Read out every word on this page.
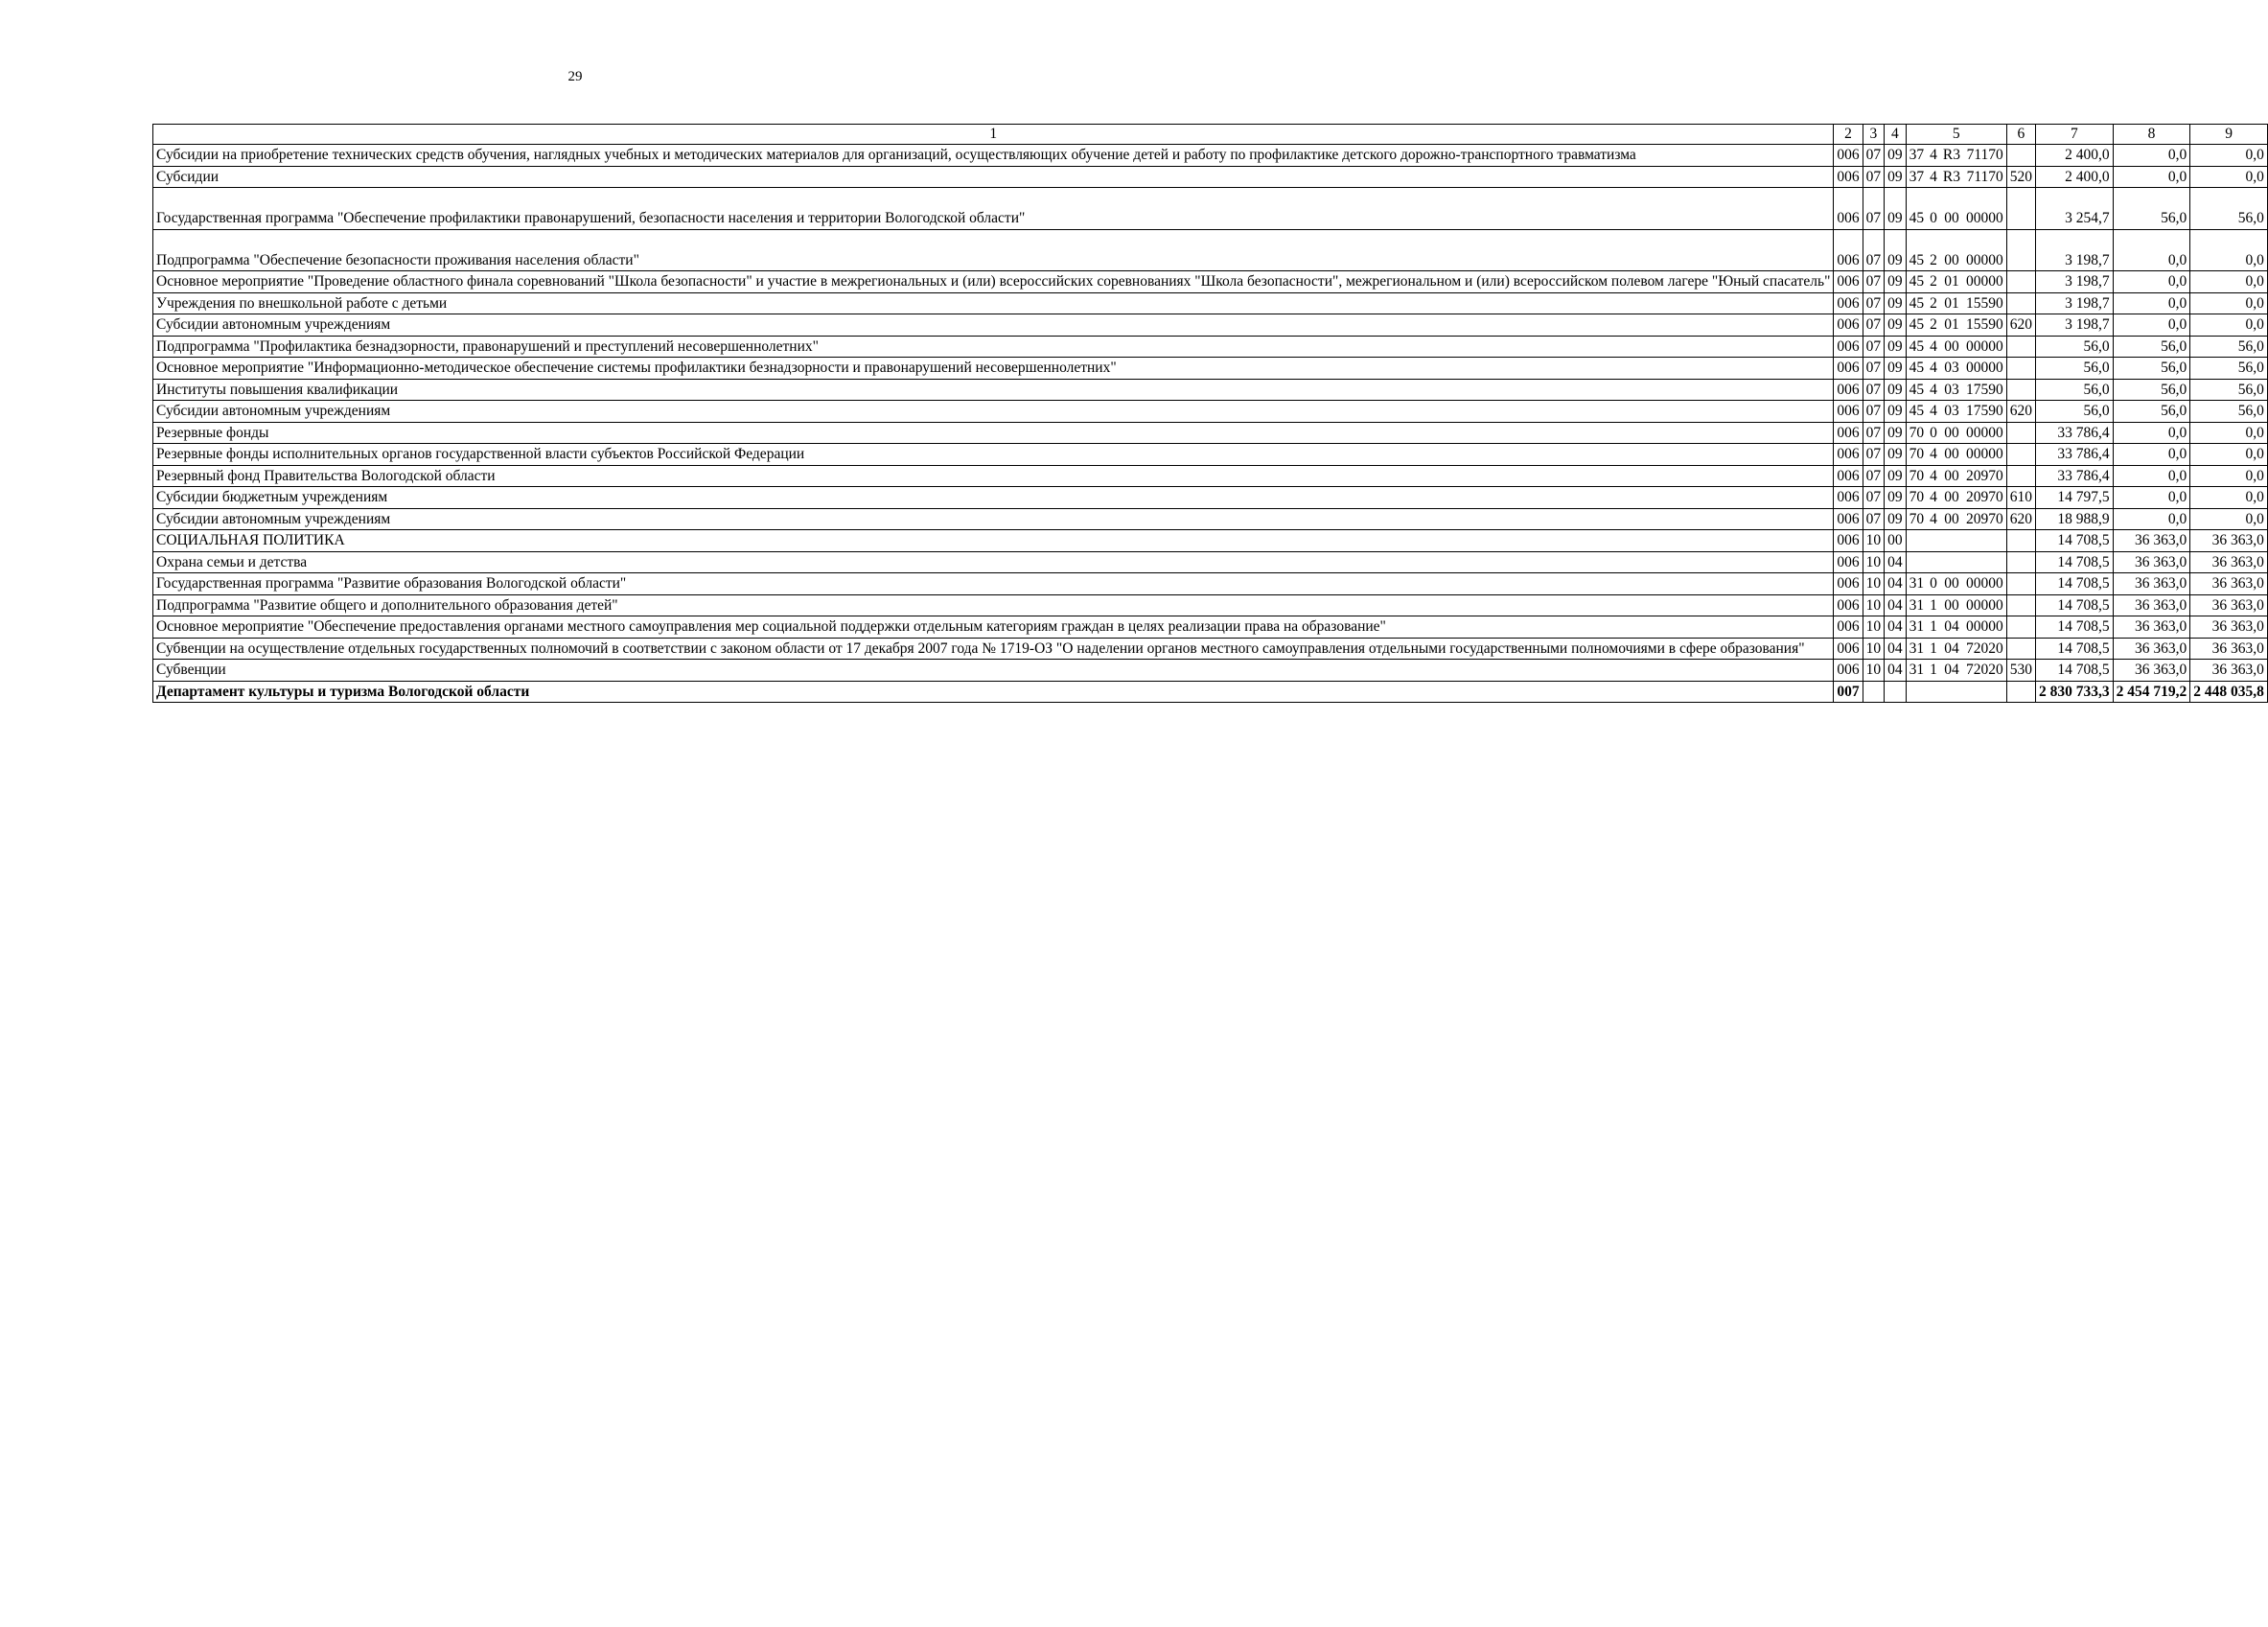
29
1	2	3	4	5				6	7	8	9
Субсидии на приобретение технических средств обучения, наглядных учебных и методических материалов для организаций, осуществляющих обучение детей и работу по профилактике детского дорожно-транспортного травматизма	006	07	09	37	4	R3	71170		2 400,0	0,0	0,0
Субсидии	006	07	09	37	4	R3	71170	520	2 400,0	0,0	0,0
Государственная программа "Обеспечение профилактики правонарушений, безопасности населения и территории Вологодской области"	006	07	09	45	0	00	00000		3 254,7	56,0	56,0
Подпрограмма "Обеспечение безопасности проживания населения области"	006	07	09	45	2	00	00000		3 198,7	0,0	0,0
Основное мероприятие "Проведение областного финала соревнований "Школа безопасности" и участие в межрегиональных и (или) всероссийских соревнованиях "Школа безопасности", межрегиональном и (или) всероссийском полевом лагере "Юный спасатель"	006	07	09	45	2	01	00000		3 198,7	0,0	0,0
Учреждения по внешкольной работе с детьми	006	07	09	45	2	01	15590		3 198,7	0,0	0,0
Субсидии автономным учреждениям	006	07	09	45	2	01	15590	620	3 198,7	0,0	0,0
Подпрограмма "Профилактика безнадзорности, правонарушений и преступлений несовершеннолетних"	006	07	09	45	4	00	00000		56,0	56,0	56,0
Основное мероприятие "Информационно-методическое обеспечение системы профилактики безнадзорности и правонарушений несовершеннолетних"	006	07	09	45	4	03	00000		56,0	56,0	56,0
Институты повышения квалификации	006	07	09	45	4	03	17590		56,0	56,0	56,0
Субсидии автономным учреждениям	006	07	09	45	4	03	17590	620	56,0	56,0	56,0
Резервные фонды	006	07	09	70	0	00	00000		33 786,4	0,0	0,0
Резервные фонды исполнительных органов государственной власти субъектов Российской Федерации	006	07	09	70	4	00	00000		33 786,4	0,0	0,0
Резервный фонд Правительства Вологодской области	006	07	09	70	4	00	20970		33 786,4	0,0	0,0
Субсидии бюджетным учреждениям	006	07	09	70	4	00	20970	610	14 797,5	0,0	0,0
Субсидии автономным учреждениям	006	07	09	70	4	00	20970	620	18 988,9	0,0	0,0
СОЦИАЛЬНАЯ ПОЛИТИКА	006	10	00						14 708,5	36 363,0	36 363,0
Охрана семьи и детства	006	10	04						14 708,5	36 363,0	36 363,0
Государственная программа "Развитие образования Вологодской области"	006	10	04	31	0	00	00000		14 708,5	36 363,0	36 363,0
Подпрограмма "Развитие общего и дополнительного образования детей"	006	10	04	31	1	00	00000		14 708,5	36 363,0	36 363,0
Основное мероприятие "Обеспечение предоставления органами местного самоуправления мер социальной поддержки отдельным категориям граждан в целях реализации права на образование"	006	10	04	31	1	04	00000		14 708,5	36 363,0	36 363,0
Субвенции на осуществление отдельных государственных полномочий в соответствии с законом области от 17 декабря 2007 года № 1719-ОЗ "О наделении органов местного самоуправления отдельными государственными полномочиями в сфере образования"	006	10	04	31	1	04	72020		14 708,5	36 363,0	36 363,0
Субвенции	006	10	04	31	1	04	72020	530	14 708,5	36 363,0	36 363,0
Департамент культуры и туризма Вологодской области	007								2 830 733,3	2 454 719,2	2 448 035,8
